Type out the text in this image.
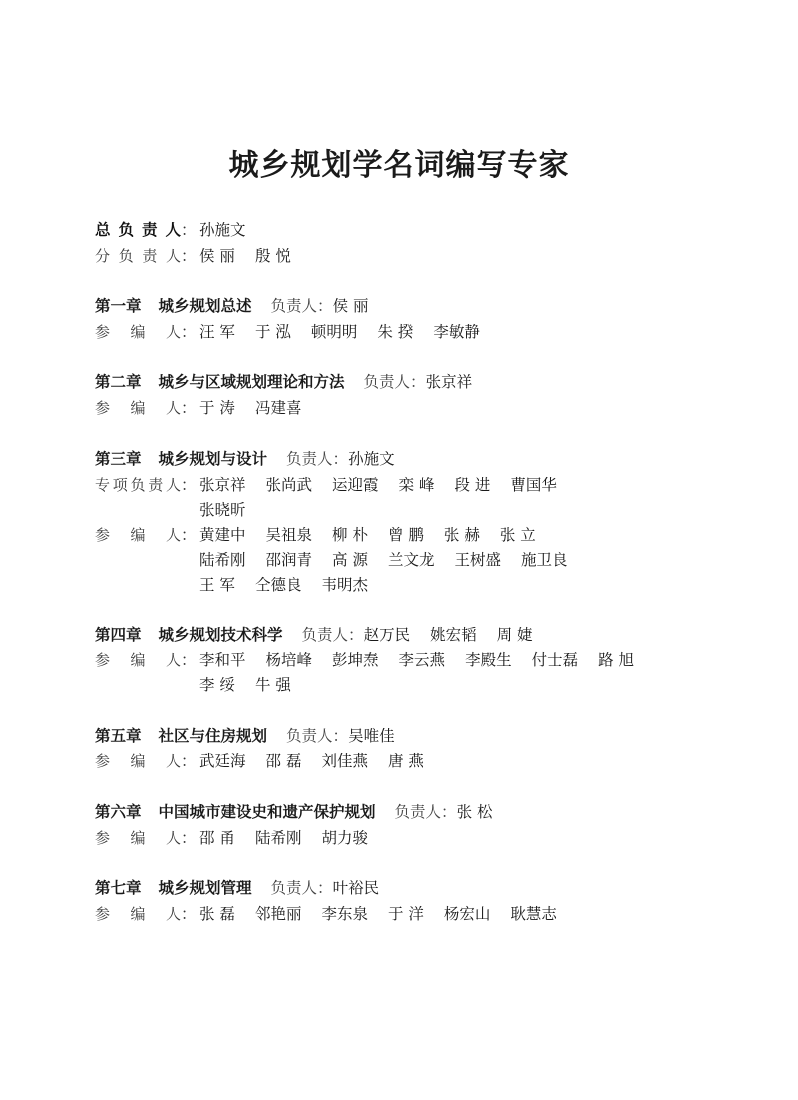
城乡规划学名词编写专家
总负责人： 孙施文
分负责人： 侯 丽 殷 悦
第一章 城乡规划总述 负责人：侯 丽
参编人： 汪 军 于 泓 顿明明 朱 揆 李敏静
第二章 城乡与区域规划理论和方法 负责人：张京祥
参编人： 于 涛 冯建喜
第三章 城乡规划与设计 负责人：孙施文
专项负责人： 张京祥 张尚武 运迎霞 栾 峰 段 进 曹国华
张晓昕
参编人： 黄建中 吴祖泉 柳 朴 曾 鹏 张 赫 张 立
陆希刚 邵润青 高 源 兰文龙 王树盛 施卫良
王 军 仝德良 韦明杰
第四章 城乡规划技术科学 负责人：赵万民 姚宏韬 周 婕
参编人： 李和平 杨培峰 彭坤焘 李云燕 李殿生 付士磊 路 旭
李 绥 牛 强
第五章 社区与住房规划 负责人：吴唯佳
参编人： 武廷海 邵 磊 刘佳燕 唐 燕
第六章 中国城市建设史和遗产保护规划 负责人：张 松
参编人： 邵 甬 陆希刚 胡力骏
第七章 城乡规划管理 负责人：叶裕民
参编人： 张 磊 邻艳丽 李东泉 于 洋 杨宏山 耿慧志
